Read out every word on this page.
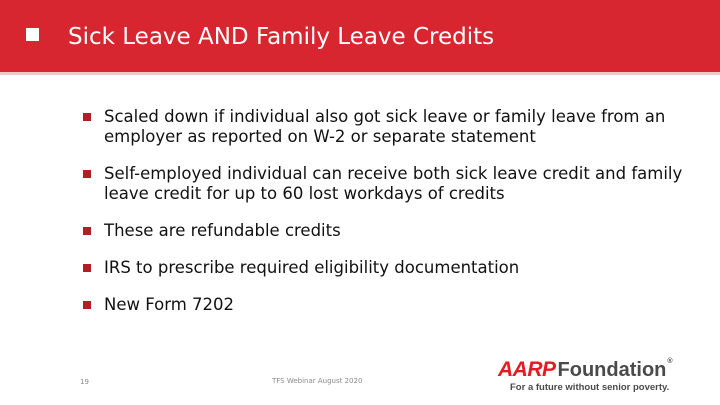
Sick Leave AND Family Leave Credits
Scaled down if individual also got sick leave or family leave from an employer as reported on W-2 or separate statement
Self-employed individual can receive both sick leave credit and family leave credit for up to 60 lost workdays of credits
These are refundable credits
IRS to prescribe required eligibility documentation
New Form 7202
19	TFS Webinar August 2020	AARP Foundation ®
For a future without senior poverty.
